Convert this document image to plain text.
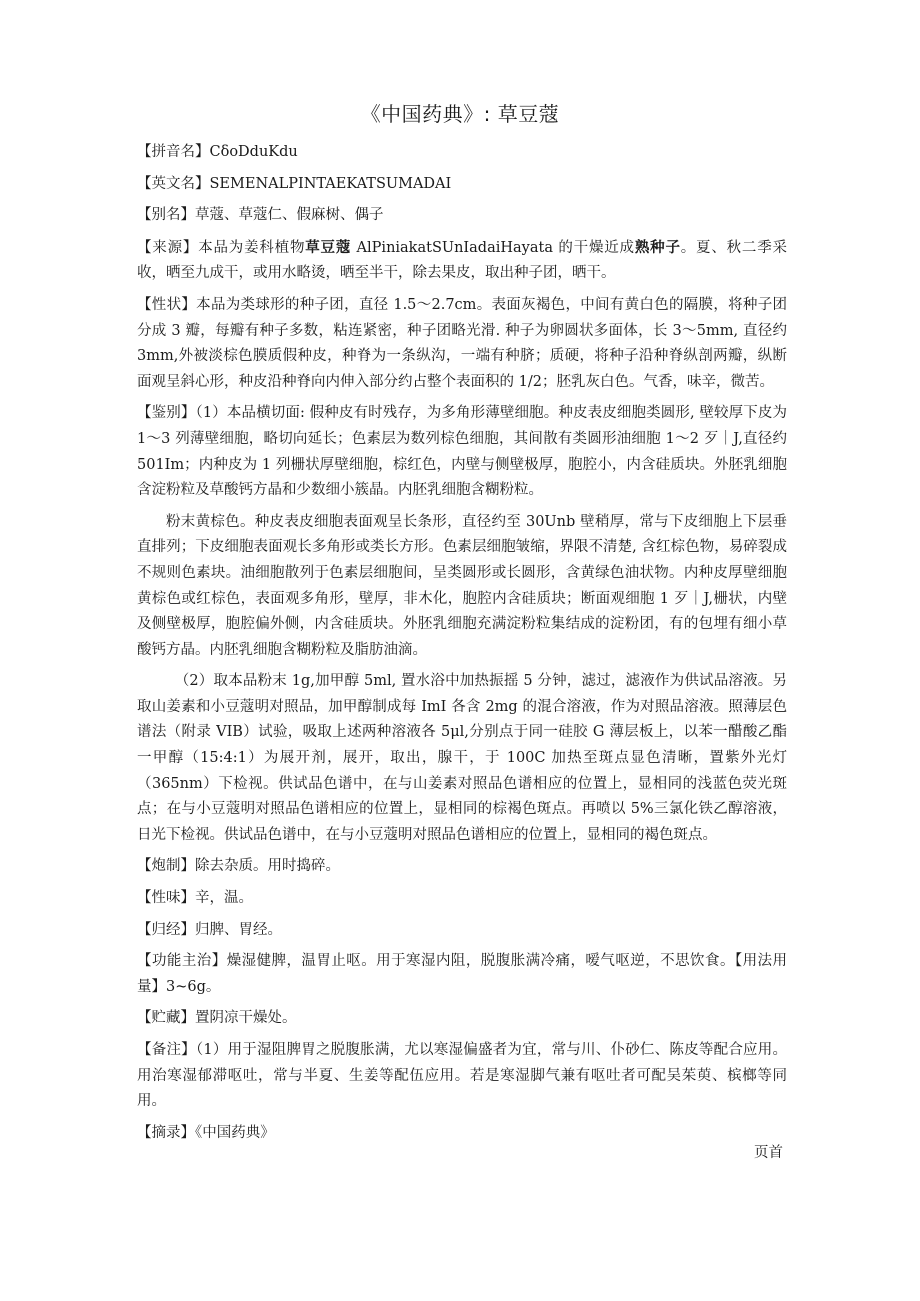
《中国药典》: 草豆蔻

【拼音名】CδoDduKdu

【英文名】SEMENALPINTAEKATSUMADAI

【别名】草蔻、草蔻仁、假麻树、偶子

【来源】本品为姜科植物草豆蔻 AlPiniakatSUnIadaiHayata 的干燥近成熟种子。夏、秋二季采收，晒至九成干，或用水略烫，晒至半干，除去果皮，取出种子团，晒干。

【性状】本品为类球形的种子团，直径 1.5～2.7cm。表面灰褐色，中间有黄白色的隔膜，将种子团分成 3 瓣，每瓣有种子多数，粘连紧密，种子团略光滑. 种子为卵圆状多面体，长 3～5mm, 直径约 3mm,外被淡棕色膜质假种皮，种脊为一条纵沟，一端有种脐；质硬，将种子沿种脊纵剖两瓣，纵断面观呈斜心形，种皮沿种脊向内伸入部分约占整个表面积的 1/2；胚乳灰白色。气香，味辛，微苦。

【鉴别】（1）本品横切面: 假种皮有时残存，为多角形薄壁细胞。种皮表皮细胞类圆形, 壁较厚下皮为 1～3 列薄壁细胞，略切向延长；色素层为数列棕色细胞，其间散有类圆形油细胞 1～2 歹｜J,直径约 501Im；内种皮为 1 列栅状厚壁细胞，棕红色，内壁与侧壁极厚，胞腔小，内含硅质块。外胚乳细胞含淀粉粒及草酸钙方晶和少数细小簇晶。内胚乳细胞含糊粉粒。

粉末黄棕色。种皮表皮细胞表面观呈长条形，直径约至 30Unb 壁稍厚，常与下皮细胞上下层垂直排列；下皮细胞表面观长多角形或类长方形。色素层细胞皱缩，界限不清楚, 含红棕色物，易碎裂成不规则色素块。油细胞散列于色素层细胞间，呈类圆形或长圆形，含黄绿色油状物。内种皮厚壁细胞黄棕色或红棕色，表面观多角形，壁厚，非木化，胞腔内含硅质块；断面观细胞 1 歹｜J,栅状，内壁及侧壁极厚，胞腔偏外侧，内含硅质块。外胚乳细胞充满淀粉粒集结成的淀粉团，有的包埋有细小草酸钙方晶。内胚乳细胞含糊粉粒及脂肪油滴。

（2）取本品粉末 1g,加甲醇 5ml, 置水浴中加热振摇 5 分钟，滤过，滤液作为供试品溶液。另取山姜素和小豆蔻明对照品，加甲醇制成每 ImI 各含 2mg 的混合溶液，作为对照品溶液。照薄层色谱法（附录 VIB）试验，吸取上述两种溶液各 5μl,分别点于同一硅胶 G 薄层板上，以苯一醋酸乙酯一甲醇（15:4:1）为展开剂，展开，取出，腺干，于 100C 加热至斑点显色清晰，置紫外光灯（365nm）下检视。供试品色谱中，在与山姜素对照品色谱相应的位置上，显相同的浅蓝色荧光斑点；在与小豆蔻明对照品色谱相应的位置上，显相同的棕褐色斑点。再喷以 5%三氯化铁乙醇溶液，日光下检视。供试品色谱中，在与小豆蔻明对照品色谱相应的位置上，显相同的褐色斑点。

【炮制】除去杂质。用时捣碎。

【性味】辛，温。

【归经】归脾、胃经。

【功能主治】燥湿健脾，温胃止呕。用于寒湿内阻，脱腹胀满冷痛，嗳气呕逆，不思饮食。【用法用量】3~6g。

【贮藏】置阴凉干燥处。

【备注】（1）用于湿阻脾胃之脱腹胀满，尤以寒湿偏盛者为宜，常与川、仆砂仁、陈皮等配合应用。用治寒湿郁滞呕吐，常与半夏、生姜等配伍应用。若是寒湿脚气兼有呕吐者可配吴茱萸、槟榔等同用。

【摘录】《中国药典》

页首
